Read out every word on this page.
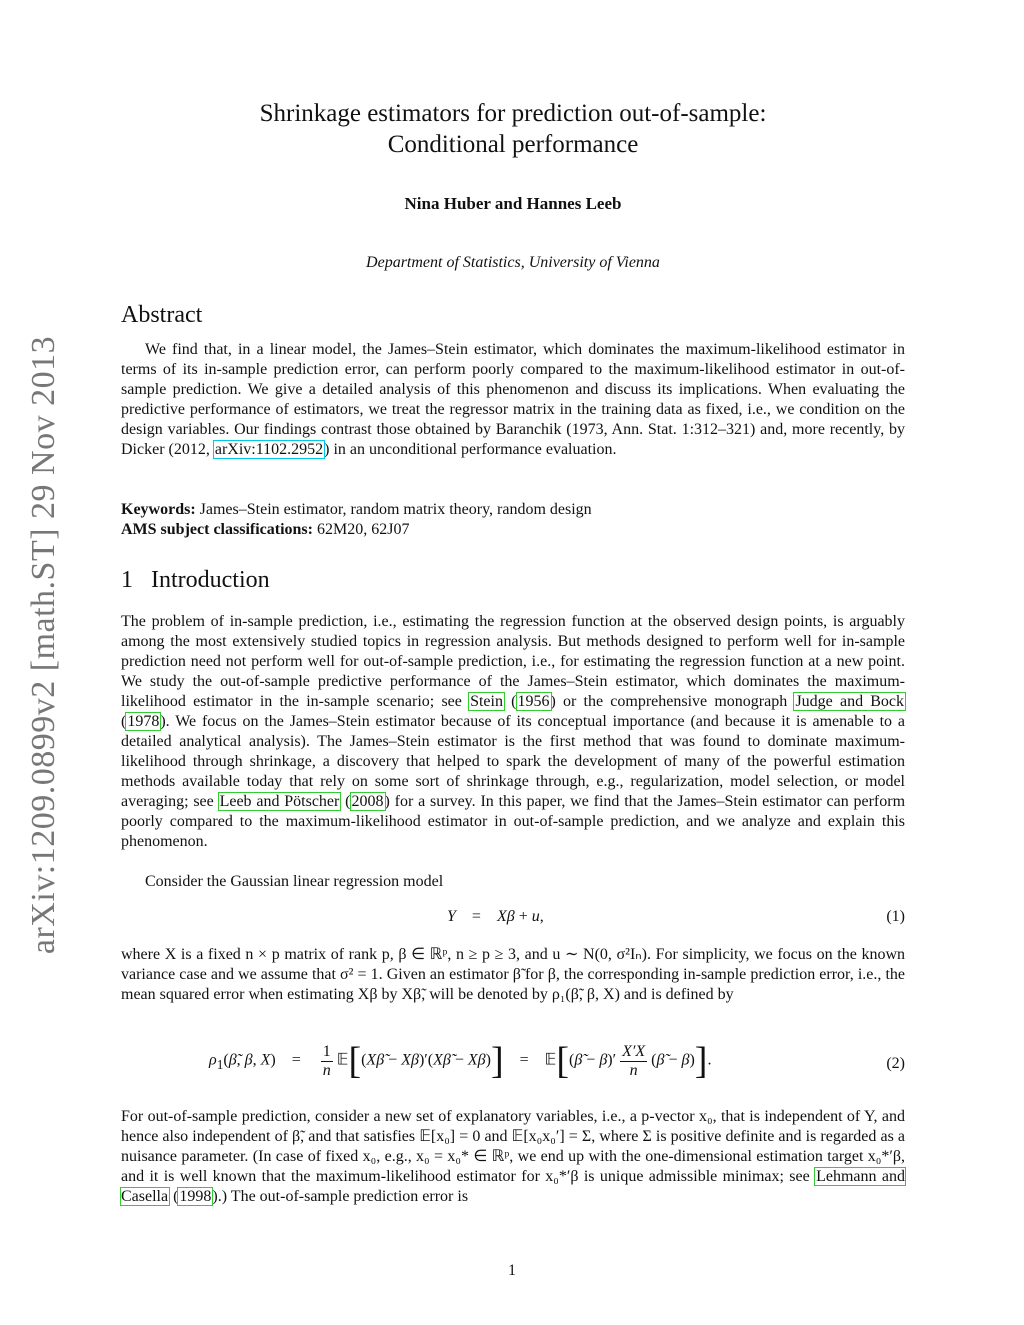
arXiv:1209.0899v2 [math.ST] 29 Nov 2013
Shrinkage estimators for prediction out-of-sample:
Conditional performance
Nina Huber and Hannes Leeb
Department of Statistics, University of Vienna
Abstract
We find that, in a linear model, the James–Stein estimator, which dominates the maximum-likelihood estimator in terms of its in-sample prediction error, can perform poorly compared to the maximum-likelihood estimator in out-of-sample prediction. We give a detailed analysis of this phenomenon and discuss its implications. When evaluating the predictive performance of estimators, we treat the regressor matrix in the training data as fixed, i.e., we condition on the design variables. Our findings contrast those obtained by Baranchik (1973, Ann. Stat. 1:312–321) and, more recently, by Dicker (2012, arXiv:1102.2952) in an unconditional performance evaluation.
Keywords: James–Stein estimator, random matrix theory, random design
AMS subject classifications: 62M20, 62J07
1 Introduction
The problem of in-sample prediction, i.e., estimating the regression function at the observed design points, is arguably among the most extensively studied topics in regression analysis. But methods designed to perform well for in-sample prediction need not perform well for out-of-sample prediction, i.e., for estimating the regression function at a new point. We study the out-of-sample predictive performance of the James–Stein estimator, which dominates the maximum-likelihood estimator in the in-sample scenario; see Stein (1956) or the comprehensive monograph Judge and Bock (1978). We focus on the James–Stein estimator because of its conceptual importance (and because it is amenable to a detailed analytical analysis). The James–Stein estimator is the first method that was found to dominate maximum-likelihood through shrinkage, a discovery that helped to spark the development of many of the powerful estimation methods available today that rely on some sort of shrinkage through, e.g., regularization, model selection, or model averaging; see Leeb and Pötscher (2008) for a survey. In this paper, we find that the James–Stein estimator can perform poorly compared to the maximum-likelihood estimator in out-of-sample prediction, and we analyze and explain this phenomenon.
Consider the Gaussian linear regression model
Y    =    Xβ + u,	(1)
where X is a fixed n × p matrix of rank p, β ∈ ℝᵖ, n ≥ p ≥ 3, and u ∼ N(0, σ²Iₙ). For simplicity, we focus on the known variance case and we assume that σ² = 1. Given an estimator β̃ for β, the corresponding in-sample prediction error, i.e., the mean squared error when estimating Xβ by Xβ̃, will be denoted by ρ₁(β̃, β, X) and is defined by
$\rho_1(\betã$, β, X)    = $\frac{1}{n}$ 𝔼[(Xβ̃ − Xβ)′(Xβ̃ − Xβ)]    =    𝔼[(β̃ − $\beta)' \frac{X'X}{n}$ (β̃ − β)].	(2)
For out-of-sample prediction, consider a new set of explanatory variables, i.e., a p-vector x₀, that is independent of Y, and hence also independent of β̃, and that satisfies 𝔼[x₀] = 0 and 𝔼[x₀x₀′] = Σ, where Σ is positive definite and is regarded as a nuisance parameter. (In case of fixed x₀, e.g., x₀ = x₀* ∈ ℝᵖ, we end up with the one-dimensional estimation target x₀*′β, and it is well known that the maximum-likelihood estimator for x₀*′β is unique admissible minimax; see Lehmann and Casella (1998).) The out-of-sample prediction error is
1
